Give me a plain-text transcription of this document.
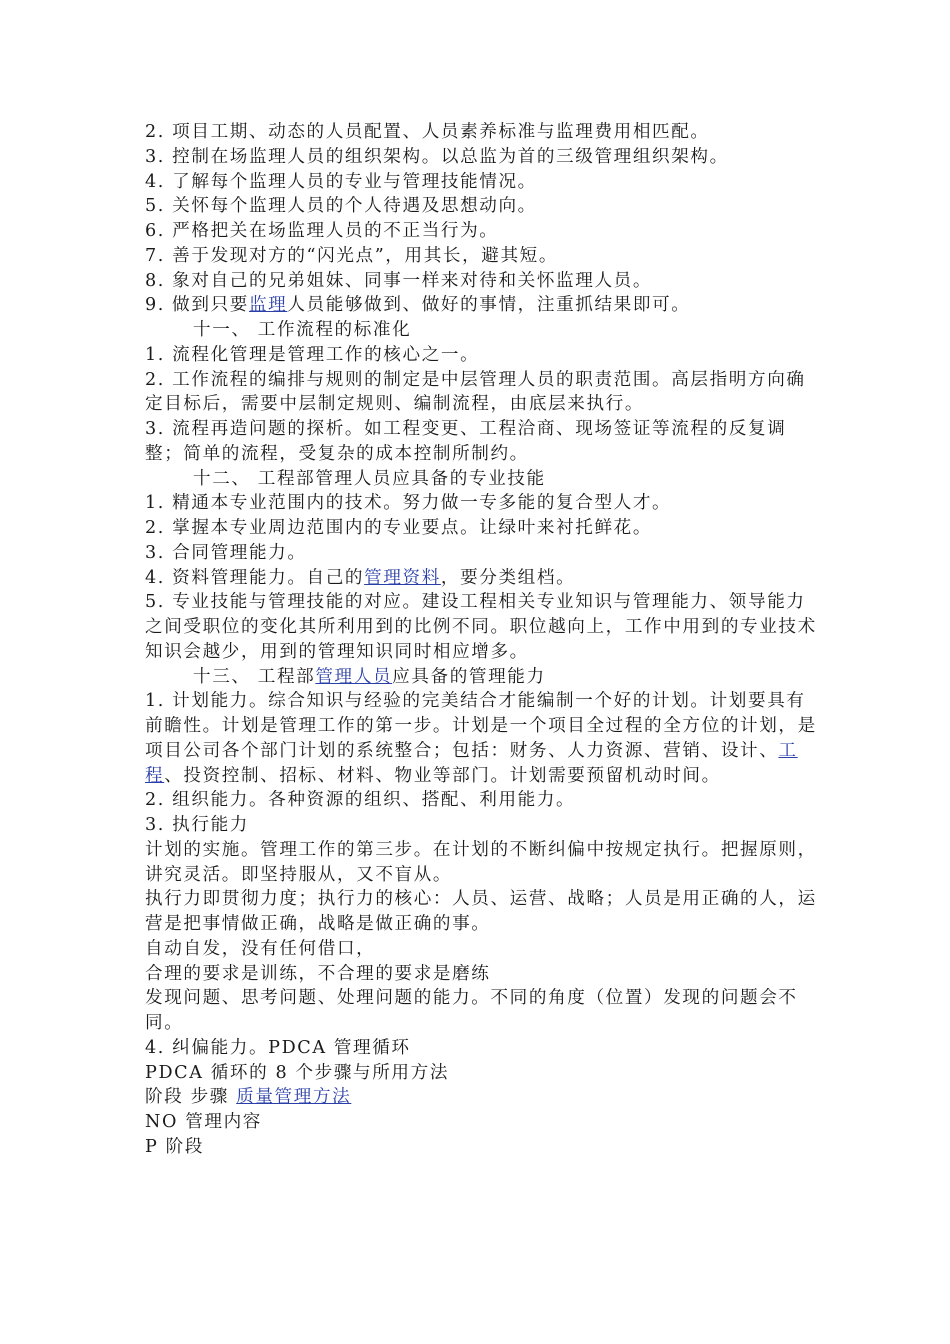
2. 项目工期、动态的人员配置、人员素养标准与监理费用相匹配。

3. 控制在场监理人员的组织架构。以总监为首的三级管理组织架构。

4. 了解每个监理人员的专业与管理技能情况。

5. 关怀每个监理人员的个人待遇及思想动向。

6. 严格把关在场监理人员的不正当行为。

7. 善于发现对方的“闪光点”，用其长，避其短。

8. 象对自己的兄弟姐妹、同事一样来对待和关怀监理人员。

9. 做到只要监理人员能够做到、做好的事情，注重抓结果即可。

十一、 工作流程的标准化

1. 流程化管理是管理工作的核心之一。

2. 工作流程的编排与规则的制定是中层管理人员的职责范围。高层指明方向确定目标后，需要中层制定规则、编制流程，由底层来执行。

3. 流程再造问题的探析。如工程变更、工程洽商、现场签证等流程的反复调整；简单的流程，受复杂的成本控制所制约。

十二、 工程部管理人员应具备的专业技能

1. 精通本专业范围内的技术。努力做一专多能的复合型人才。

2. 掌握本专业周边范围内的专业要点。让绿叶来衬托鲜花。

3. 合同管理能力。

4. 资料管理能力。自己的管理资料，要分类组档。

5. 专业技能与管理技能的对应。建设工程相关专业知识与管理能力、领导能力之间受职位的变化其所利用到的比例不同。职位越向上，工作中用到的专业技术知识会越少，用到的管理知识同时相应增多。

十三、 工程部管理人员应具备的管理能力

1. 计划能力。综合知识与经验的完美结合才能编制一个好的计划。计划要具有前瞻性。计划是管理工作的第一步。计划是一个项目全过程的全方位的计划，是项目公司各个部门计划的系统整合；包括：财务、人力资源、营销、设计、工程、投资控制、招标、材料、物业等部门。计划需要预留机动时间。

2. 组织能力。各种资源的组织、搭配、利用能力。

3. 执行能力

计划的实施。管理工作的第三步。在计划的不断纠偏中按规定执行。把握原则，讲究灵活。即坚持服从，又不盲从。

执行力即贯彻力度；执行力的核心：人员、运营、战略；人员是用正确的人，运营是把事情做正确，战略是做正确的事。

自动自发，没有任何借口，

合理的要求是训练，不合理的要求是磨练

发现问题、思考问题、处理问题的能力。不同的角度（位置）发现的问题会不同。

4. 纠偏能力。PDCA 管理循环

PDCA 循环的 8 个步骤与所用方法

阶段 步骤 质量管理方法

NO 管理内容

P 阶段
